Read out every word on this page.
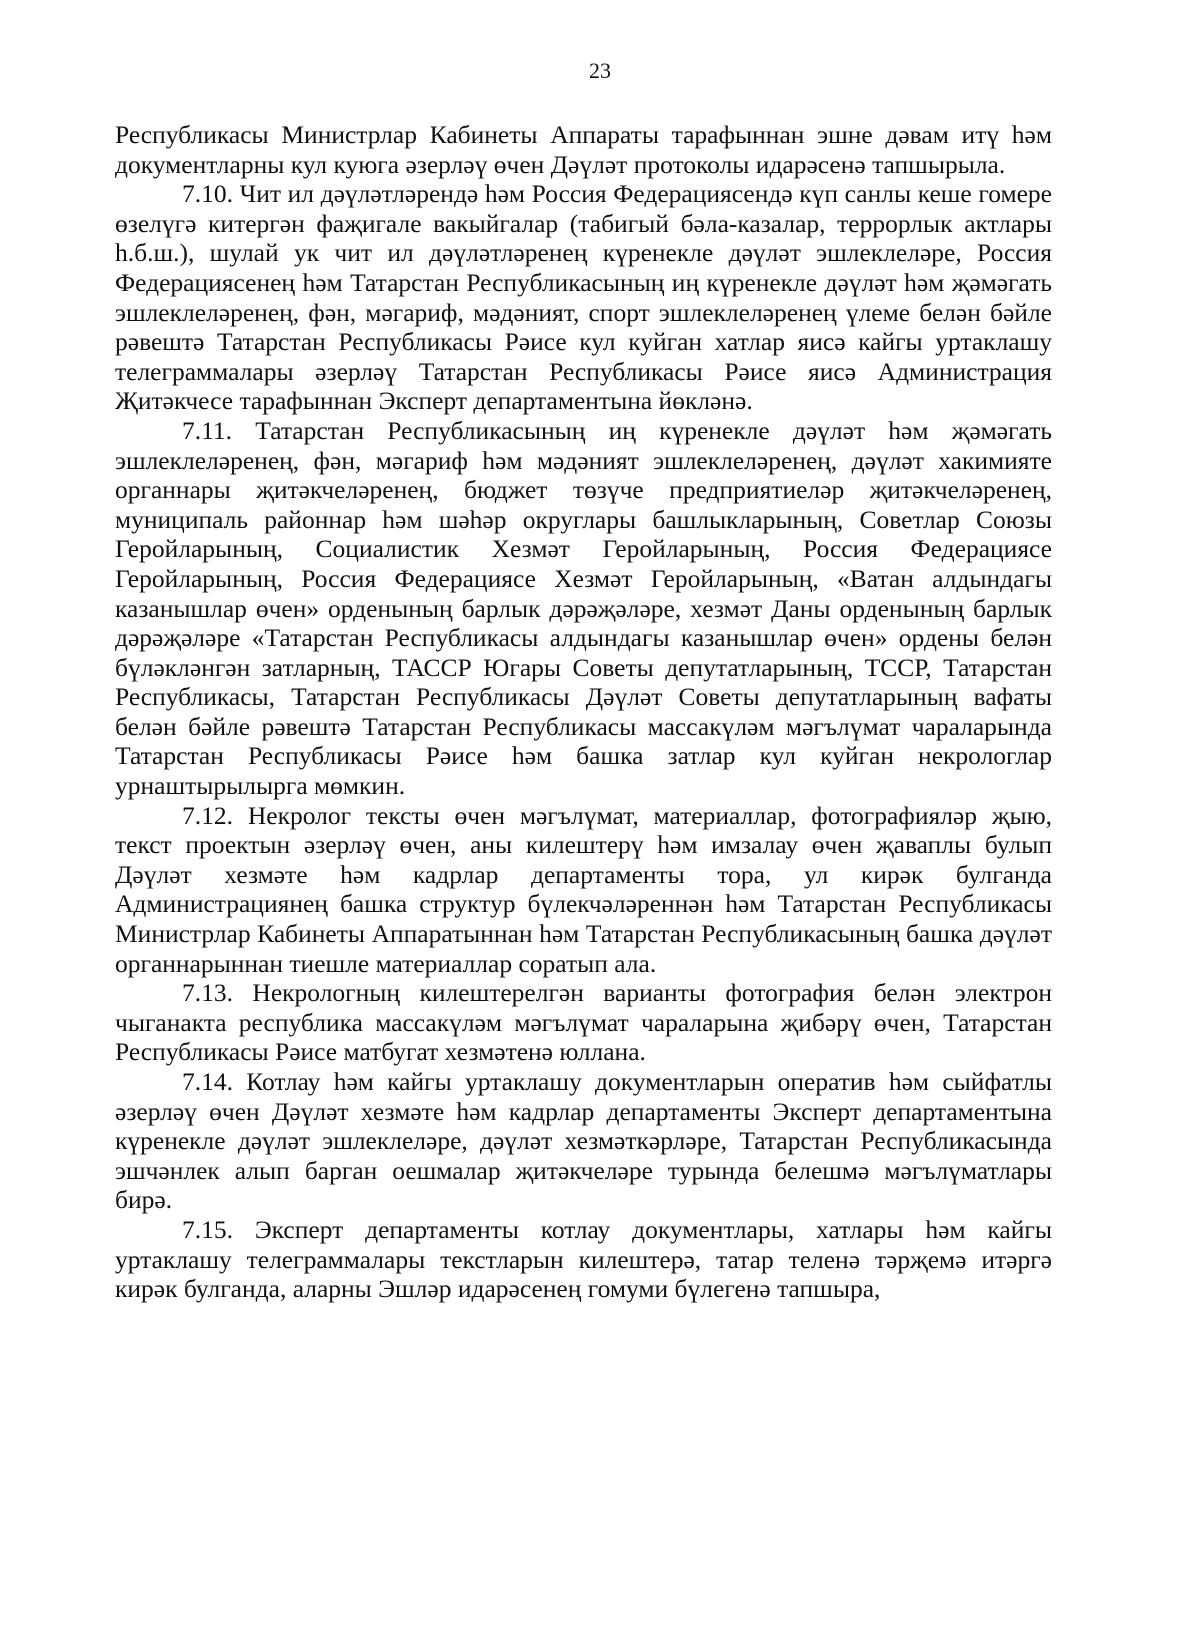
23

Республикасы Министрлар Кабинеты Аппараты тарафыннан эшне дәвам итү һәм документларны кул куюга әзерләү өчен Дәүләт протоколы идарәсенә тапшырыла.

7.10. Чит ил дәүләтләрендә һәм Россия Федерациясендә күп санлы кеше гомере өзелүгә китергән фаҗигале вакыйгалар (табигый бәла-казалар, террорлык актлары һ.б.ш.), шулай ук чит ил дәүләтләренең күренекле дәүләт эшлеклеләре, Россия Федерациясенең һәм Татарстан Республикасының иң күренекле дәүләт һәм җәмәгать эшлеклеләренең, фән, мәгариф, мәдәният, спорт эшлеклеләренең үлеме белән бәйле рәвештә Татарстан Республикасы Рәисе кул куйган хатлар яисә кайгы уртаклашу телеграммалары әзерләү Татарстан Республикасы Рәисе яисә Администрация Җитәкчесе тарафыннан Эксперт департаментына йөкләнә.

7.11. Татарстан Республикасының иң күренекле дәүләт һәм җәмәгать эшлеклеләренең, фән, мәгариф һәм мәдәният эшлеклеләренең, дәүләт хакимияте органнары җитәкчеләренең, бюджет төзүче предприятиеләр җитәкчеләренең, муниципаль районнар һәм шәһәр округлары башлыкларының, Советлар Союзы Геройларының, Социалистик Хезмәт Геройларының, Россия Федерациясе Геройларының, Россия Федерациясе Хезмәт Геройларының, «Ватан алдындагы казанышлар өчен» орденының барлык дәрәҗәләре, хезмәт Даны орденының барлык дәрәҗәләре «Татарстан Республикасы алдындагы казанышлар өчен» ордены белән бүләкләнгән затларның, ТАССР Югары Советы депутатларының, ТССР, Татарстан Республикасы, Татарстан Республикасы Дәүләт Советы депутатларының вафаты белән бәйле рәвештә Татарстан Республикасы массакүләм мәгълүмат чараларында Татарстан Республикасы Рәисе һәм башка затлар кул куйган некрологлар урнаштырылырга мөмкин.

7.12. Некролог тексты өчен мәгълүмат, материаллар, фотографияләр җыю, текст проектын әзерләү өчен, аны килештерү һәм имзалау өчен җаваплы булып Дәүләт хезмәте һәм кадрлар департаменты тора, ул кирәк булганда Администрациянең башка структур бүлекчәләреннән һәм Татарстан Республикасы Министрлар Кабинеты Аппаратыннан һәм Татарстан Республикасының башка дәүләт органнарыннан тиешле материаллар соратып ала.

7.13. Некрологның килештерелгән варианты фотография белән электрон чыганакта республика массакүләм мәгълүмат чараларына җибәрү өчен, Татарстан Республикасы Рәисе матбугат хезмәтенә юллана.

7.14. Котлау һәм кайгы уртаклашу документларын оператив һәм сыйфатлы әзерләү өчен Дәүләт хезмәте һәм кадрлар департаменты Эксперт департаментына күренекле дәүләт эшлеклеләре, дәүләт хезмәткәрләре, Татарстан Республикасында эшчәнлек алып барган оешмалар җитәкчеләре турында белешмә мәгълүматлары бирә.

7.15. Эксперт департаменты котлау документлары, хатлары һәм кайгы уртаклашу телеграммалары текстларын килештерә, татар теленә тәрҗемә итәргә кирәк булганда, аларны Эшләр идарәсенең гомуми бүлегенә тапшыра,
